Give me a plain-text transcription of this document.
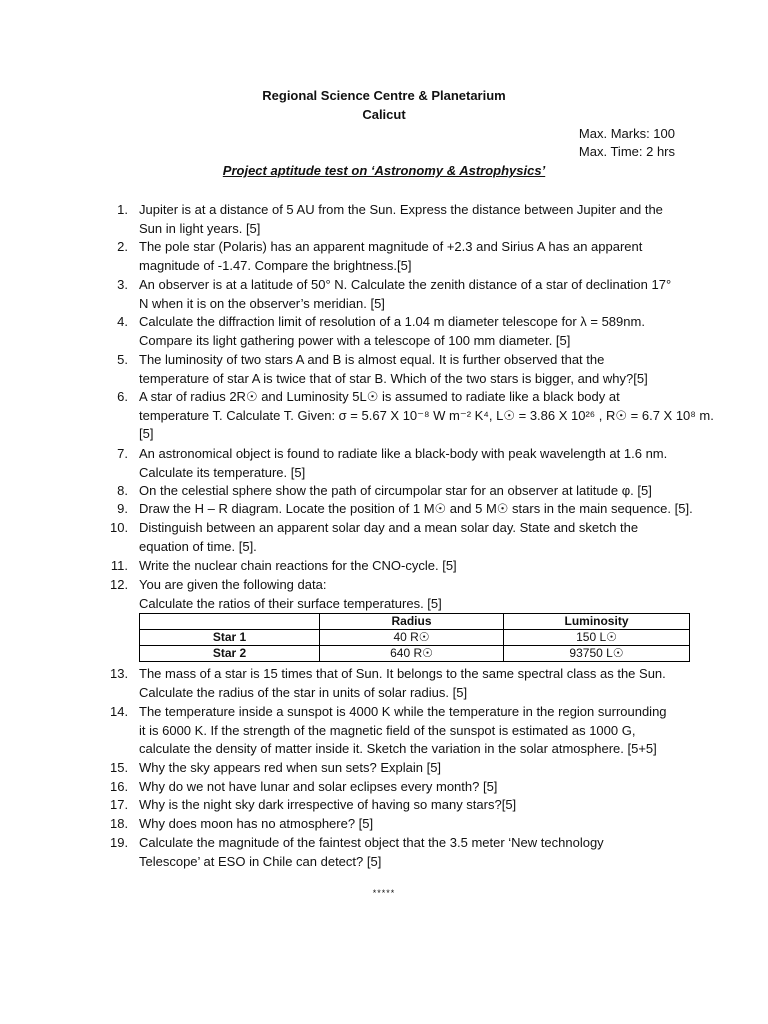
Regional Science Centre & Planetarium
Calicut
Max. Marks: 100
Max. Time: 2 hrs
Project aptitude test on ‘Astronomy & Astrophysics’
1. Jupiter is at a distance of 5 AU from the Sun. Express the distance between Jupiter and the
Sun in light years. [5]
2. The pole star (Polaris) has an apparent magnitude of +2.3 and Sirius A has an apparent
magnitude of -1.47. Compare the brightness.[5]
3. An observer is at a latitude of 50° N. Calculate the zenith distance of a star of declination 17°
N when it is on the observer’s meridian. [5]
4. Calculate the diffraction limit of resolution of a 1.04 m diameter telescope for λ = 589nm.
Compare its light gathering power with a telescope of 100 mm diameter. [5]
5. The luminosity of two stars A and B is almost equal. It is further observed that the
temperature of star A is twice that of star B. Which of the two stars is bigger, and why?[5]
6. A star of radius 2R☉ and Luminosity 5L☉ is assumed to radiate like a black body at
temperature T. Calculate T. Given: σ = 5.67 X 10⁻⁸ W m⁻² K⁴, L☉ = 3.86 X 10²⁶ , R☉ = 6.7 X 10⁸ m.
[5]
7. An astronomical object is found to radiate like a black-body with peak wavelength at 1.6 nm.
Calculate its temperature. [5]
8. On the celestial sphere show the path of circumpolar star for an observer at latitude φ. [5]
9. Draw the H – R diagram. Locate the position of 1 M☉ and 5 M☉ stars in the main sequence. [5].
10. Distinguish between an apparent solar day and a mean solar day. State and sketch the
equation of time. [5].
11. Write the nuclear chain reactions for the CNO-cycle. [5]
12. You are given the following data:
Calculate the ratios of their surface temperatures. [5]
13. The mass of a star is 15 times that of Sun. It belongs to the same spectral class as the Sun.
Calculate the radius of the star in units of solar radius. [5]
14. The temperature inside a sunspot is 4000 K while the temperature in the region surrounding
it is 6000 K. If the strength of the magnetic field of the sunspot is estimated as 1000 G,
calculate the density of matter inside it. Sketch the variation in the solar atmosphere. [5+5]
15. Why the sky appears red when sun sets? Explain [5]
16. Why do we not have lunar and solar eclipses every month? [5]
17. Why is the night sky dark irrespective of having so many stars?[5]
18. Why does moon has no atmosphere? [5]
19. Calculate the magnitude of the faintest object that the 3.5 meter ‘New technology
Telescope’ at ESO in Chile can detect? [5]
	Radius	Luminosity
Star 1	40 R☉	150 L☉
Star 2	640 R☉	93750 L☉
*****
